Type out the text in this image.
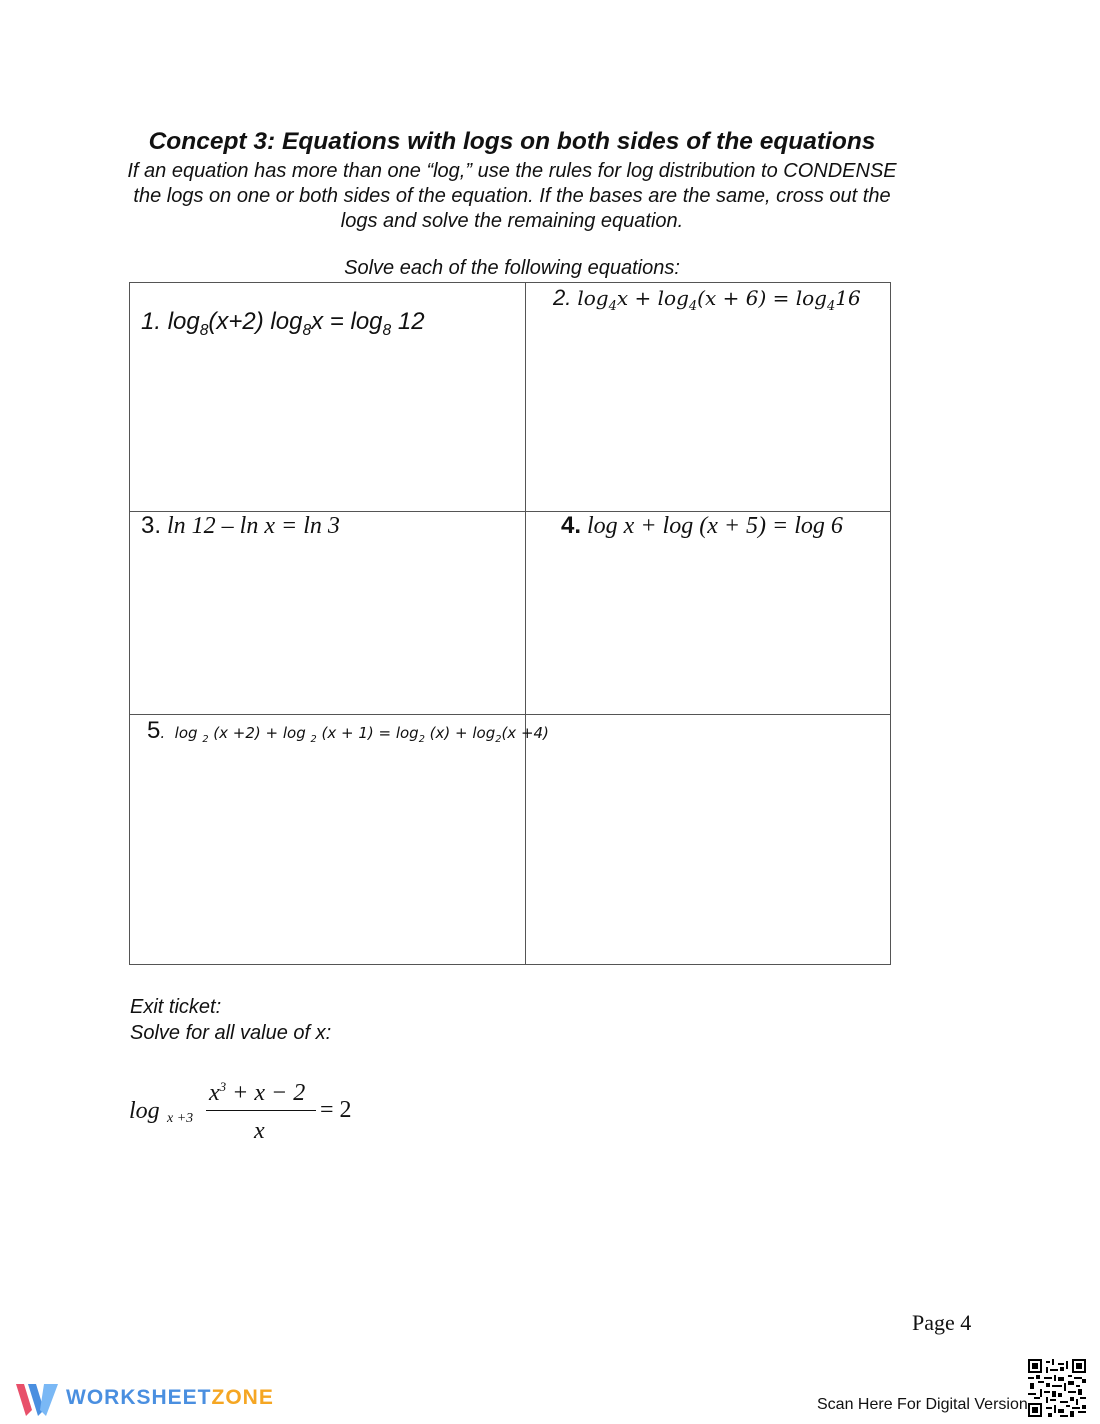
Concept 3: Equations with logs on both sides of the equations
If an equation has more than one “log,” use the rules for log distribution to CONDENSE the logs on one or both sides of the equation. If the bases are the same, cross out the logs and solve the remaining equation.
Solve each of the following equations:
1. $\log_8(x+2) \log_8x = \log_8 12$
2. $\log_4x + \log_4(x + 6) = \log_416$
3. ln 12 – ln x = ln 3	4. log x + log (x + 5) = log 6
5.  log $_2$ (x +2) + log $_2$ $(x + 1) = \log_2 (x) + \log_2(x +4)$
Exit ticket:
Solve for all value of x:
log x +3
$x^3 + x - 2$
x
= 2
Page 4
WORKSHEETZONE	Scan Here For Digital Version
